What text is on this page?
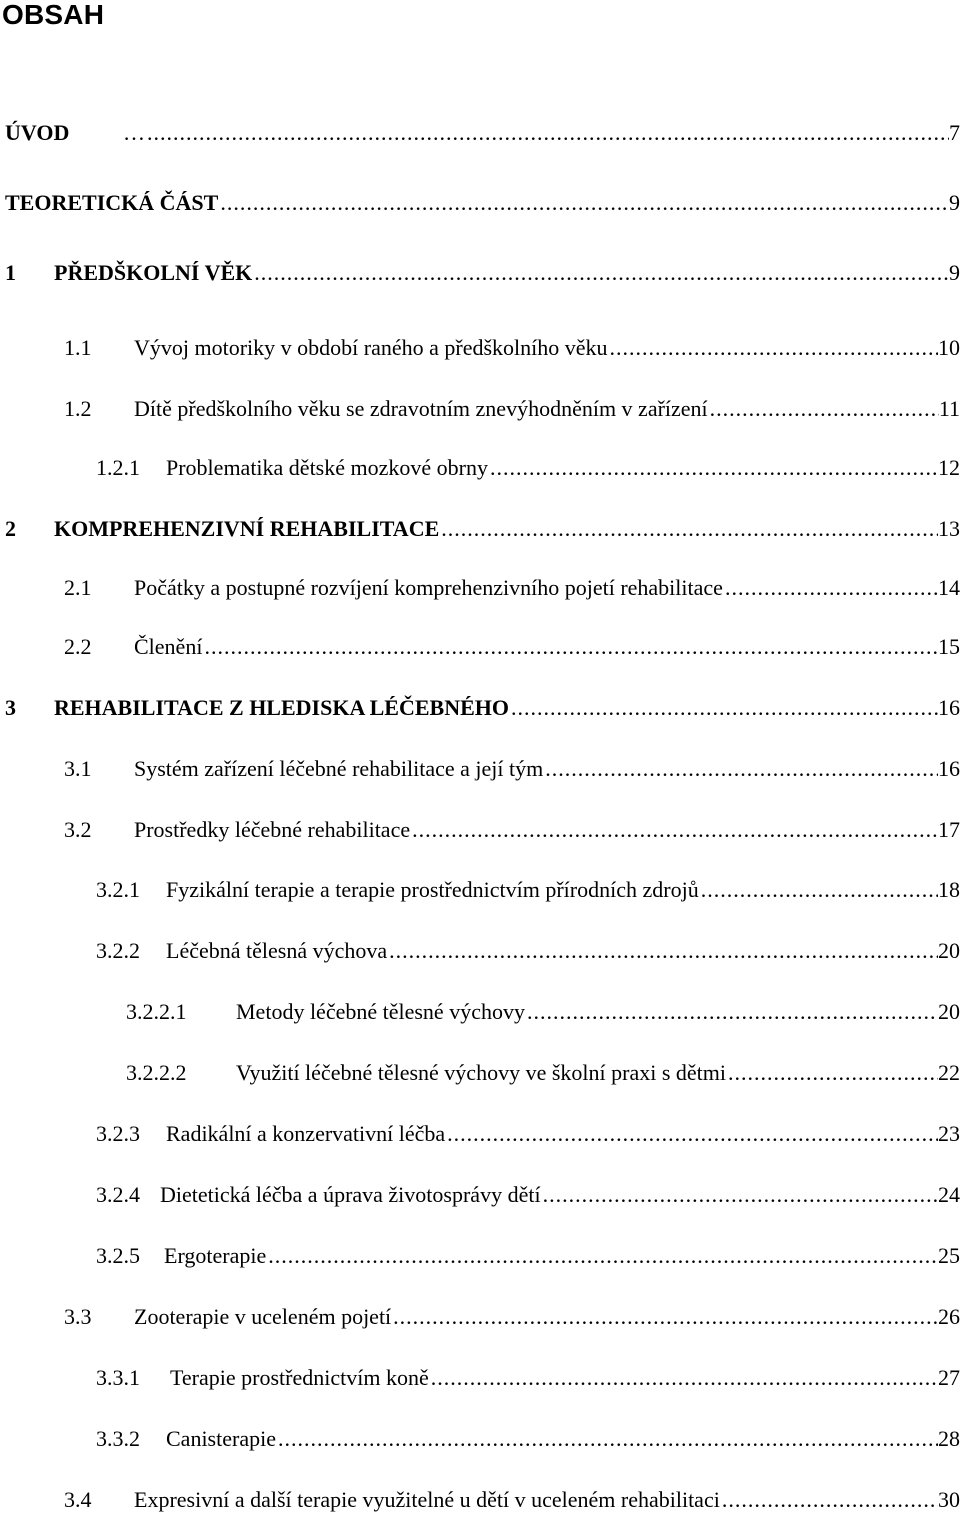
OBSAH
ÚVOD	… .....	7
TEORETICKÁ ČÁST .....	9
1	PŘEDŠKOLNÍ VĚK .....	9
1.1	Vývoj motoriky v období raného a předškolního věku .....	10
1.2	Dítě předškolního věku se zdravotním znevýhodněním v zařízení .....	11
1.2.1	Problematika dětské mozkové obrny .....	12
2	KOMPREHENZIVNÍ REHABILITACE .....	13
2.1	Počátky a postupné rozvíjení komprehenzivního pojetí rehabilitace .....	14
2.2	Členění .....	15
3	REHABILITACE Z HLEDISKA LÉČEBNÉHO .....	16
3.1	Systém zařízení léčebné rehabilitace a její tým .....	16
3.2	Prostředky léčebné rehabilitace .....	17
3.2.1	Fyzikální terapie a terapie prostřednictvím přírodních zdrojů .....	18
3.2.2	Léčebná tělesná výchova .....	20
3.2.2.1	Metody léčebné tělesné výchovy .....	20
3.2.2.2	Využití léčebné tělesné výchovy ve školní praxi s dětmi .....	22
3.2.3	Radikální a konzervativní léčba .....	23
3.2.4 Dietetická léčba a úprava životosprávy dětí .....	24
3.2.5	Ergoterapie .....	25
3.3	Zooterapie v uceleném pojetí .....	26
3.3.1	Terapie prostřednictvím koně .....	27
3.3.2	Canisterapie .....	28
3.4	Expresivní a další terapie využitelné u dětí v uceleném rehabilitaci .....	30
